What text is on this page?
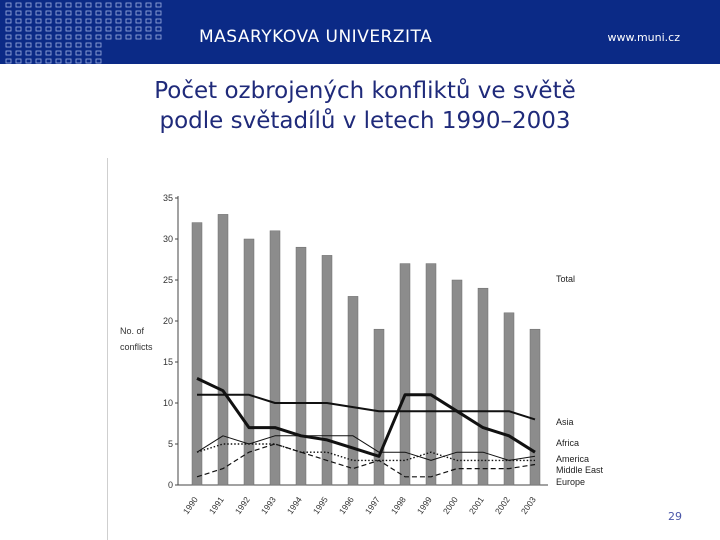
MASARYKOVA UNIVERZITA	www.muni.cz
Počet ozbrojených konfliktů ve světě
podle světadílů v letech 1990–2003
0
5
10
15
20
25
30
35
No. of
conflicts
1990 1991 1992 1993 1994 1995 1996 1997 1998 1999 2000 2001 2002 2003
Total
Asia
Africa
America
Middle East
Europe
29
